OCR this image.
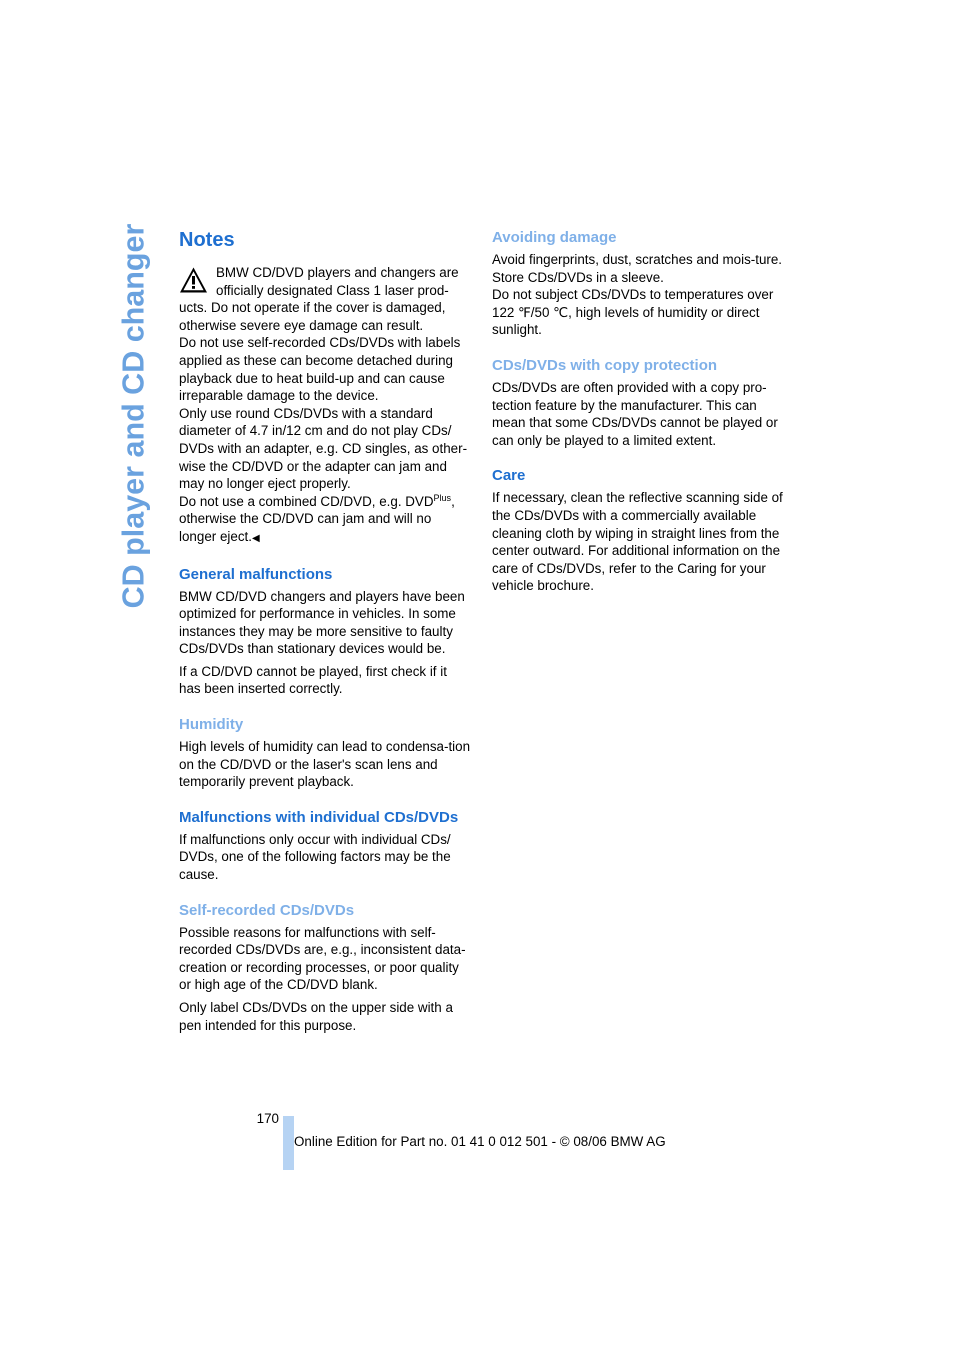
CD player and CD changer Notes

BMW CD/DVD players and changers are officially designated Class 1 laser prod-ucts. Do not operate if the cover is damaged, otherwise severe eye damage can result.

Do not use self-recorded CDs/DVDs with labels applied as these can become detached during playback due to heat build-up and can cause irreparable damage to the device.

Only use round CDs/DVDs with a standard diameter of 4.7 in/12 cm and do not play CDs/ DVDs with an adapter, e.g. CD singles, as other-wise the CD/DVD or the adapter can jam and may no longer eject properly.

Do not use a combined CD/DVD, e.g. $DVD^{Plus}$, otherwise the CD/DVD can jam and will no longer eject.◀

General malfunctions

BMW CD/DVD changers and players have been optimized for performance in vehicles. In some instances they may be more sensitive to faulty CDs/DVDs than stationary devices would be.

If a CD/DVD cannot be played, first check if it has been inserted correctly.

Humidity

High levels of humidity can lead to condensa-tion on the CD/DVD or the laser's scan lens and temporarily prevent playback.

Malfunctions with individual CDs/DVDs

If malfunctions only occur with individual CDs/ DVDs, one of the following factors may be the cause.

Self-recorded CDs/DVDs

Possible reasons for malfunctions with self-recorded CDs/DVDs are, e.g., inconsistent data-creation or recording processes, or poor quality or high age of the CD/DVD blank.

Only label CDs/DVDs on the upper side with a pen intended for this purpose.

Avoiding damage

Avoid fingerprints, dust, scratches and mois-ture.

Store CDs/DVDs in a sleeve.

Do not subject CDs/DVDs to temperatures over 122 ℉/50 ℃, high levels of humidity or direct sunlight.

CDs/DVDs with copy protection

CDs/DVDs are often provided with a copy pro-tection feature by the manufacturer. This can mean that some CDs/DVDs cannot be played or can only be played to a limited extent.

Care

If necessary, clean the reflective scanning side of the CDs/DVDs with a commercially available cleaning cloth by wiping in straight lines from the center outward. For additional information on the care of CDs/DVDs, refer to the Caring for your vehicle brochure.

170
Online Edition for Part no. 01 41 0 012 501 - © 08/06 BMW AG
